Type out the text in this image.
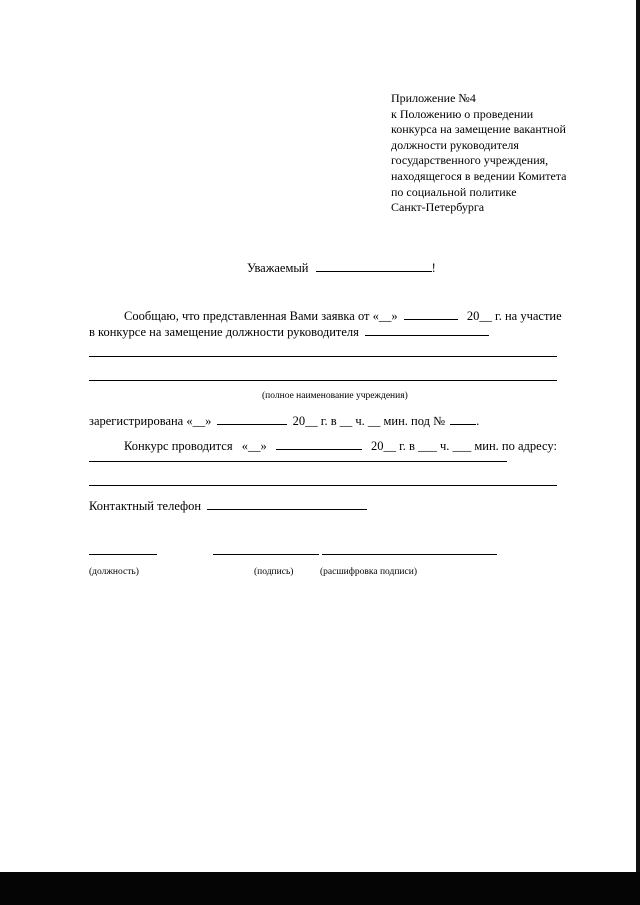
Приложение №4
к Положению о проведении
конкурса на замещение вакантной
должности руководителя
государственного учреждения,
находящегося в ведении Комитета
по социальной политике
Санкт-Петербурга
Уважаемый	!
Сообщаю, что представленная Вами заявка от «__»	20__ г. на участие
в конкурсе на замещение должности руководителя
(полное наименование учреждения)
зарегистрирована «__»	20__ г. в __ ч. __ мин. под № .
Конкурс проводится «__»	20__ г. в ___ ч. ___ мин. по адресу:
Контактный телефон
(должность)	(подпись)	(расшифровка подписи)
